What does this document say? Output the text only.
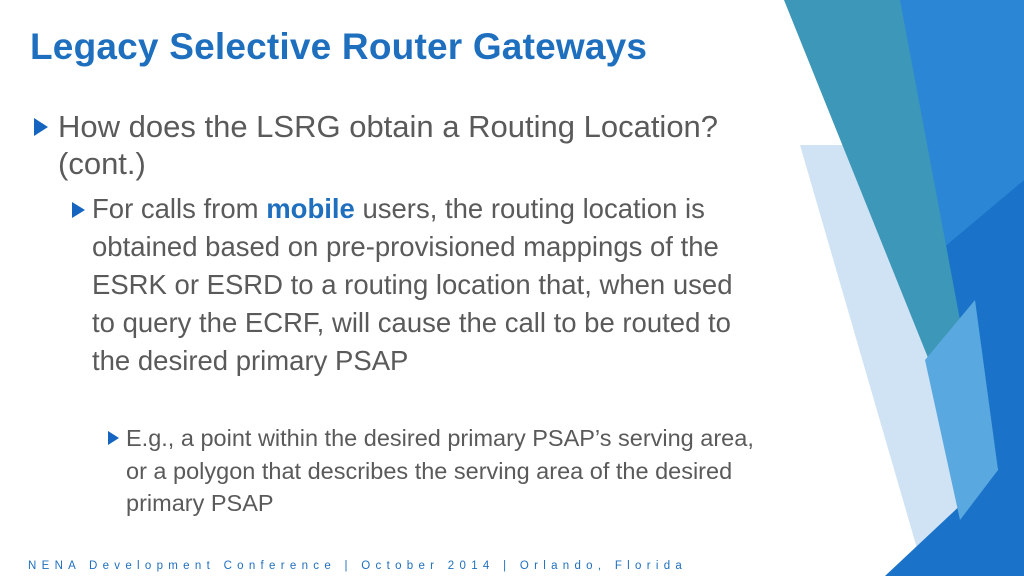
Legacy Selective Router Gateways
How does the LSRG obtain a Routing Location? (cont.)
For calls from mobile users, the routing location is obtained based on pre-provisioned mappings of the ESRK or ESRD to a routing location that, when used to query the ECRF, will cause the call to be routed to the desired primary PSAP
E.g., a point within the desired primary PSAP’s serving area, or a polygon that describes the serving area of the desired primary PSAP
NENA Development Conference | October 2014 | Orlando, Florida
